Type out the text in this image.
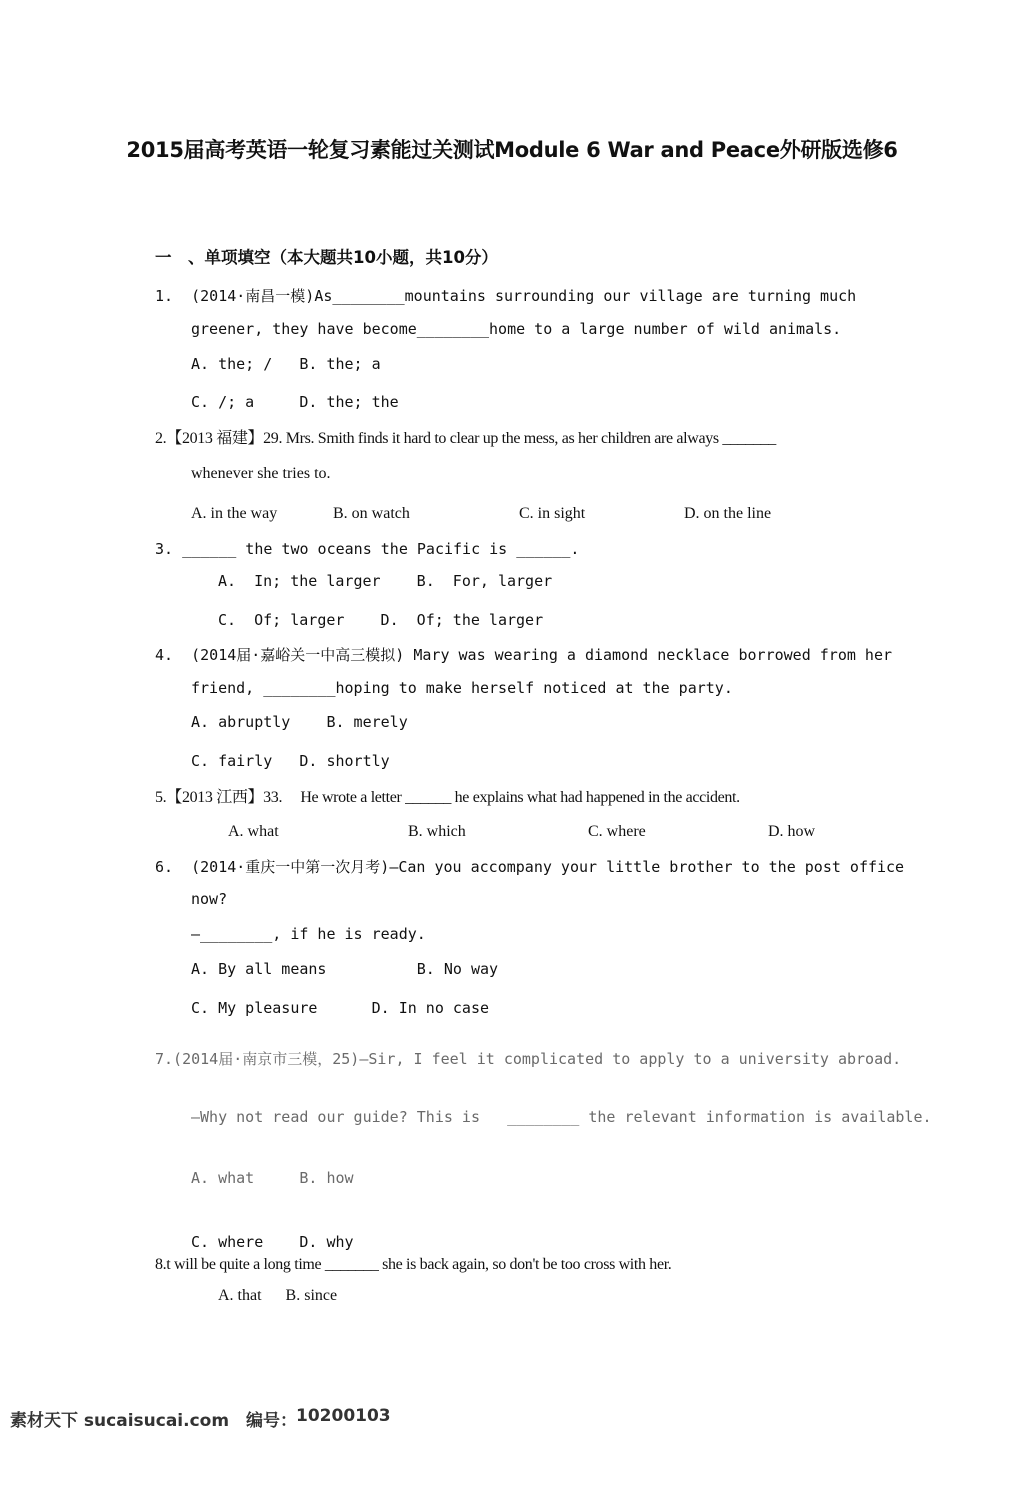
2015届高考英语一轮复习素能过关测试Module 6 War and Peace外研版选修6
一　、单项填空（本大题共10小题，共10分）
1.  (2014·南昌一模)As________mountains surrounding our village are turning much
greener, they have become________home to a large number of wild animals.
A. the; /   B. the; a
C. /; a     D. the; the
2.【2013 福建】29. Mrs. Smith finds it hard to clear up the mess, as her children are always _______
whenever she tries to.
A. in the way	B. on watch	C. in sight	D. on the line
3. ______ the two oceans the Pacific is ______.
A.  In; the larger    B.  For, larger
C.  Of; larger    D.  Of; the larger
4.  (2014届·嘉峪关一中高三模拟) Mary was wearing a diamond necklace borrowed from her
friend, ________hoping to make herself noticed at the party.
A. abruptly    B. merely
C. fairly   D. shortly
5.【2013 江西】33.     He wrote a letter ______ he explains what had happened in the accident.
A. what	B. which	C. where	D. how
6.  (2014·重庆一中第一次月考)—Can you accompany your little brother to the post office
now?
—________, if he is ready.
A. By all means          B. No way
C. My pleasure      D. In no case
7.(2014届·南京市三模，25)—Sir, I feel it complicated to apply to a university abroad.
—Why not read our guide? This is   ________ the relevant information is available.
A. what     B. how
C. where    D. why
8.t will be quite a long time _______ she is back again, so don't be too cross with her.
A. that      B. since

素材天下 sucaisucai.com

编号：

10200103
